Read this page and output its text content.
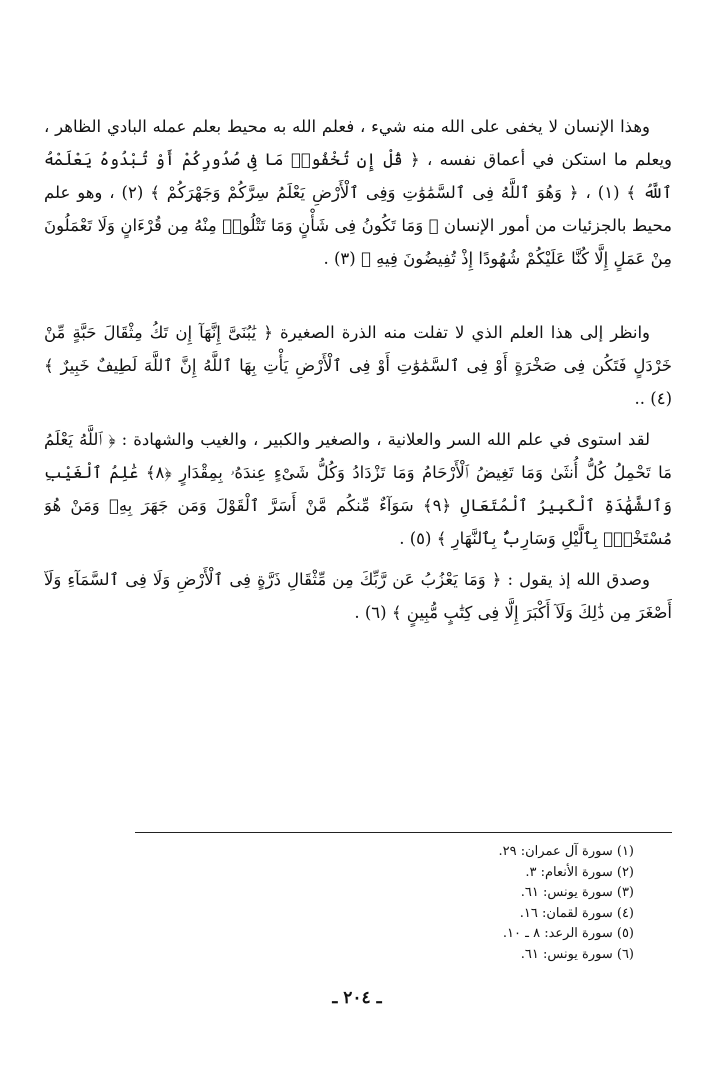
وهذا الإنسان لا يخفى على الله منه شيء ، فعلم الله به محيط بعلم عمله البادي الظاهر ، ويعلم ما استكن في أعماق نفسه ، ﴿ قُلْ إِن تُخْفُوا۟ مَا فِى صُدُورِكُمْ أَوْ تُبْدُوهُ يَعْلَمْهُ ٱللَّهُ ﴾ (١) ، ﴿ وَهُوَ ٱللَّهُ فِى ٱلسَّمَٰوَٰتِ وَفِى ٱلْأَرْضِ يَعْلَمُ سِرَّكُمْ وَجَهْرَكُمْ ﴾ (٢) ، وهو علم محيط بالجزئيات من أمور الإنسان ﴿ وَمَا تَكُونُ فِى شَأْنٍ وَمَا تَتْلُوا۟ مِنْهُ مِن قُرْءَانٍ وَلَا تَعْمَلُونَ مِنْ عَمَلٍ إِلَّا كُنَّا عَلَيْكُمْ شُهُودًا إِذْ تُفِيضُونَ فِيهِ ﴾ (٣) .

وانظر إلى هذا العلم الذي لا تفلت منه الذرة الصغيرة ﴿ يَٰبُنَىَّ إِنَّهَآ إِن تَكُ مِثْقَالَ حَبَّةٍ مِّنْ خَرْدَلٍ فَتَكُن فِى صَخْرَةٍ أَوْ فِى ٱلسَّمَٰوَٰتِ أَوْ فِى ٱلْأَرْضِ يَأْتِ بِهَا ٱللَّهُ إِنَّ ٱللَّهَ لَطِيفٌ خَبِيرٌ ﴾ (٤) ..

لقد استوى في علم الله السر والعلانية ، والصغير والكبير ، والغيب والشهادة : ﴿ ٱللَّهُ يَعْلَمُ مَا تَحْمِلُ كُلُّ أُنثَىٰ وَمَا تَغِيضُ ٱلْأَرْحَامُ وَمَا تَزْدَادُ وَكُلُّ شَىْءٍ عِندَهُۥ بِمِقْدَارٍ ﴿٨﴾ عَٰلِمُ ٱلْغَيْبِ وَٱلشَّهَٰدَةِ ٱلْكَبِيرُ ٱلْمُتَعَالِ ﴿٩﴾ سَوَآءٌ مِّنكُم مَّنْ أَسَرَّ ٱلْقَوْلَ وَمَن جَهَرَ بِهِۦ وَمَنْ هُوَ مُسْتَخْفٍۭ بِٱلَّيْلِ وَسَارِبٌۢ بِٱلنَّهَارِ ﴾ (٥) .

وصدق الله إذ يقول : ﴿ وَمَا يَعْزُبُ عَن رَّبِّكَ مِن مِّثْقَالِ ذَرَّةٍ فِى ٱلْأَرْضِ وَلَا فِى ٱلسَّمَآءِ وَلَآ أَصْغَرَ مِن ذَٰلِكَ وَلَآ أَكْبَرَ إِلَّا فِى كِتَٰبٍ مُّبِينٍ ﴾ (٦) .

(١) سورة آل عمران: ٢٩.
(٢) سورة الأنعام: ٣.
(٣) سورة يونس: ٦١.
(٤) سورة لقمان: ١٦.
(٥) سورة الرعد: ٨ ـ ١٠.
(٦) سورة يونس: ٦١.
ـ ٢٠٤ ـ
